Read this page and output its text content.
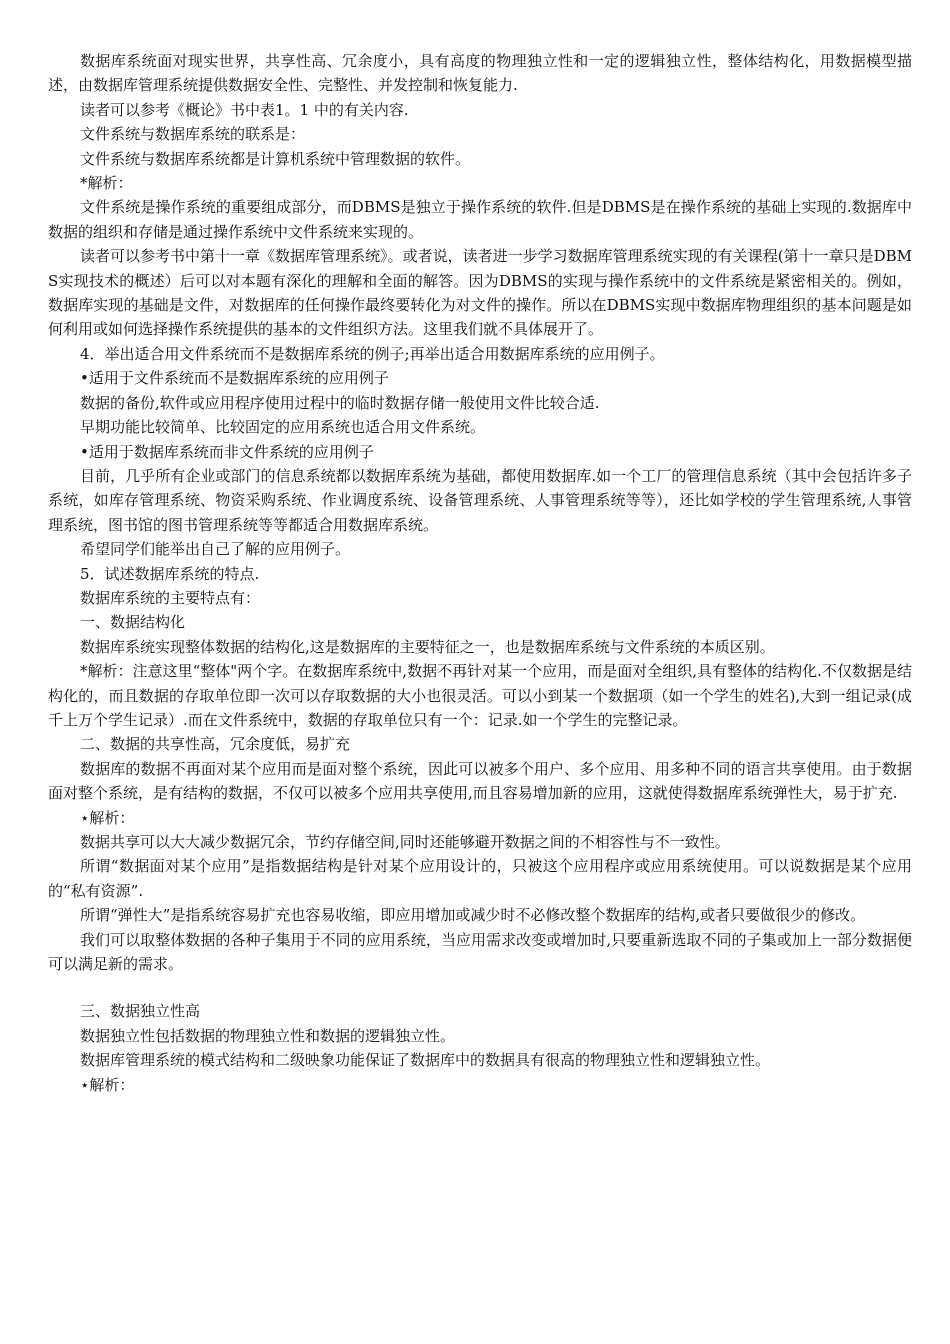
数据库系统面对现实世界，共享性高、冗余度小，具有高度的物理独立性和一定的逻辑独立性，整体结构化，用数据模型描述，由数据库管理系统提供数据安全性、完整性、并发控制和恢复能力.

读者可以参考《概论》书中表1。1 中的有关内容.

文件系统与数据库系统的联系是：

文件系统与数据库系统都是计算机系统中管理数据的软件。

*解析：

文件系统是操作系统的重要组成部分，而DBMS是独立于操作系统的软件.但是DBMS是在操作系统的基础上实现的.数据库中数据的组织和存储是通过操作系统中文件系统来实现的。

读者可以参考书中第十一章《数据库管理系统》。或者说，读者进一步学习数据库管理系统实现的有关课程(第十一章只是DBMS实现技术的概述）后可以对本题有深化的理解和全面的解答。因为DBMS的实现与操作系统中的文件系统是紧密相关的。例如，数据库实现的基础是文件，对数据库的任何操作最终要转化为对文件的操作。所以在DBMS实现中数据库物理组织的基本问题是如何利用或如何选择操作系统提供的基本的文件组织方法。这里我们就不具体展开了。

4．举出适合用文件系统而不是数据库系统的例子;再举出适合用数据库系统的应用例子。

•适用于文件系统而不是数据库系统的应用例子

数据的备份,软件或应用程序使用过程中的临时数据存储一般使用文件比较合适.

早期功能比较简单、比较固定的应用系统也适合用文件系统。

•适用于数据库系统而非文件系统的应用例子

目前，几乎所有企业或部门的信息系统都以数据库系统为基础，都使用数据库.如一个工厂的管理信息系统（其中会包括许多子系统，如库存管理系统、物资采购系统、作业调度系统、设备管理系统、人事管理系统等等），还比如学校的学生管理系统,人事管理系统，图书馆的图书管理系统等等都适合用数据库系统。

希望同学们能举出自己了解的应用例子。

5．试述数据库系统的特点.

数据库系统的主要特点有：

一、数据结构化

数据库系统实现整体数据的结构化,这是数据库的主要特征之一，也是数据库系统与文件系统的本质区别。

*解析：注意这里“整体"两个字。在数据库系统中,数据不再针对某一个应用，而是面对全组织,具有整体的结构化.不仅数据是结构化的，而且数据的存取单位即一次可以存取数据的大小也很灵活。可以小到某一个数据项（如一个学生的姓名),大到一组记录(成千上万个学生记录）.而在文件系统中，数据的存取单位只有一个：记录.如一个学生的完整记录。

二、数据的共享性高，冗余度低，易扩充

数据库的数据不再面对某个应用而是面对整个系统，因此可以被多个用户、多个应用、用多种不同的语言共享使用。由于数据面对整个系统，是有结构的数据，不仅可以被多个应用共享使用,而且容易增加新的应用，这就使得数据库系统弹性大，易于扩充.

⋆解析：

数据共享可以大大减少数据冗余，节约存储空间,同时还能够避开数据之间的不相容性与不一致性。

所谓“数据面对某个应用”是指数据结构是针对某个应用设计的，只被这个应用程序或应用系统使用。可以说数据是某个应用的“私有资源”.

所谓“弹性大”是指系统容易扩充也容易收缩，即应用增加或减少时不必修改整个数据库的结构,或者只要做很少的修改。

我们可以取整体数据的各种子集用于不同的应用系统，当应用需求改变或增加时,只要重新选取不同的子集或加上一部分数据便可以满足新的需求。

三、数据独立性高

数据独立性包括数据的物理独立性和数据的逻辑独立性。

数据库管理系统的模式结构和二级映象功能保证了数据库中的数据具有很高的物理独立性和逻辑独立性。

⋆解析：
